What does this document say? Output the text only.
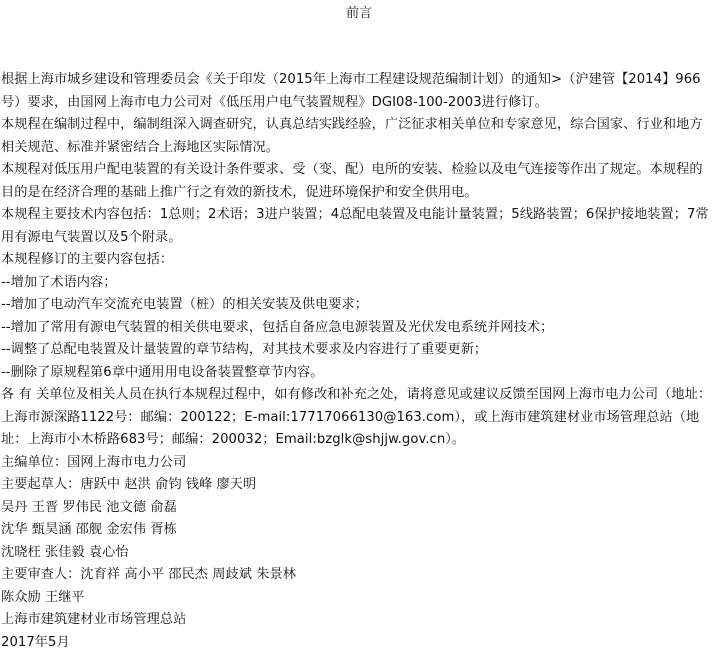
前言

根据上海市城乡建设和管理委员会《关于印发（2015年上海市工程建设规范编制计划）的通知>（沪建管【2014】966号）要求，由国网上海市电力公司对《低压用户电气装置规程》DGI08-100-2003进行修订。

本规程在编制过程中，编制组深入调查研究，认真总结实践经验，广泛征求相关单位和专家意见，综合国家、行业和地方相关规范、标准并紧密结合上海地区实际情况。

本规程对低压用户配电装置的有关设计条件要求、受（变、配）电所的安装、检验以及电气连接等作出了规定。本规程的目的是在经济合理的基础上推广行之有效的新技术，促进环境保护和安全供用电。

本规程主要技术内容包括：1总则；2术语；3进户装置；4总配电装置及电能计量装置；5线路装置；6保护接地装置；7常用有源电气装置以及5个附录。

本规程修订的主要内容包括：

--增加了术语内容；

--增加了电动汽车交流充电装置（桩）的相关安装及供电要求；

--增加了常用有源电气装置的相关供电要求，包括自备应急电源装置及光伏发电系统并网技术；

--调整了总配电装置及计量装置的章节结构，对其技术要求及内容进行了重要更新；

--删除了原规程第6章中通用用电设备装置整章节内容。

各 有 关单位及相关人员在执行本规程过程中，如有修改和补充之处，请将意见或建议反馈至国网上海市电力公司（地址：上海市源深路1122号：邮编：200122；E-mail:17717066130@163.com），或上海市建筑建材业市场管理总站（地址：上海市小木桥路683号；邮编：200032；Email:bzglk@shjjw.gov.cn）。

主编单位：国网上海市电力公司

主要起草人：唐跃中 赵洪 俞钧 钱峰 廖天明

吴丹 王晋 罗伟民 池文德 俞磊

沈华 甄昊涵 邵舰 金宏伟 胥栋

沈晓枉 张佳毅 袁心怡

主要审查人：沈育祥 高小平 邵民杰 周歧斌 朱景林

陈众励 王继平

上海市建筑建材业市场管理总站

2017年5月
